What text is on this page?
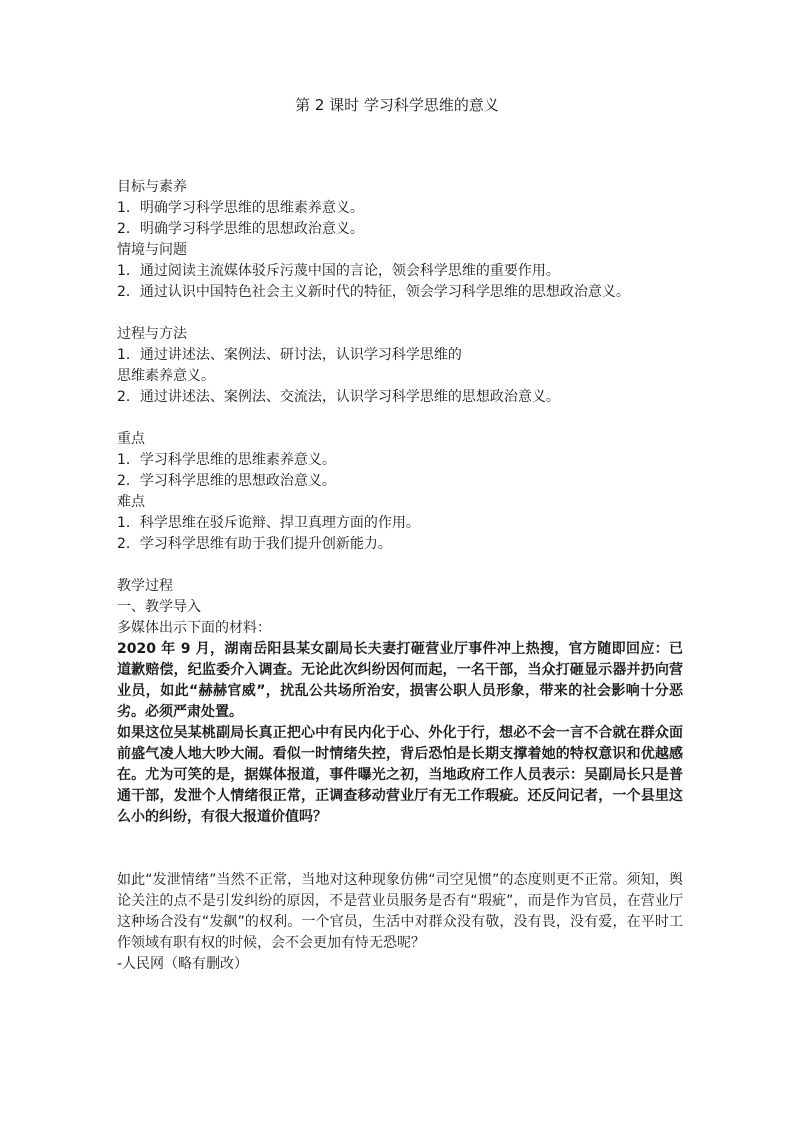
第 2 课时 学习科学思维的意义

目标与素养

1．明确学习科学思维的思维素养意义。

2．明确学习科学思维的思想政治意义。

情境与问题

1．通过阅读主流媒体驳斥污蔑中国的言论，领会科学思维的重要作用。

2．通过认识中国特色社会主义新时代的特征，领会学习科学思维的思想政治意义。

过程与方法

1．通过讲述法、案例法、研讨法，认识学习科学思维的

思维素养意义。

2．通过讲述法、案例法、交流法，认识学习科学思维的思想政治意义。

重点

1．学习科学思维的思维素养意义。

2．学习科学思维的思想政治意义。

难点

1．科学思维在驳斥诡辩、捍卫真理方面的作用。

2．学习科学思维有助于我们提升创新能力。

教学过程

一、教学导入

多媒体出示下面的材料：

2020 年 9 月，湖南岳阳县某女副局长夫妻打砸营业厅事件冲上热搜，官方随即回应：已道歉赔偿，纪监委介入调查。无论此次纠纷因何而起，一名干部，当众打砸显示器并扔向营业员，如此“赫赫官威”，扰乱公共场所治安，损害公职人员形象，带来的社会影响十分恶劣。必须严肃处置。

如果这位吴某桃副局长真正把心中有民内化于心、外化于行，想必不会一言不合就在群众面前盛气凌人地大吵大闹。看似一时情绪失控，背后恐怕是长期支撑着她的特权意识和优越感在。尤为可笑的是，据媒体报道，事件曝光之初，当地政府工作人员表示：吴副局长只是普通干部，发泄个人情绪很正常，正调查移动营业厅有无工作瑕疵。还反问记者，一个县里这么小的纠纷，有很大报道价值吗？

如此“发泄情绪”当然不正常，当地对这种现象仿佛“司空见惯”的态度则更不正常。须知，舆论关注的点不是引发纠纷的原因，不是营业员服务是否有“瑕疵”，而是作为官员，在营业厅这种场合没有“发飙”的权利。一个官员，生活中对群众没有敬，没有畏，没有爱，在平时工作领域有职有权的时候，会不会更加有恃无恐呢？

-人民网（略有删改）
